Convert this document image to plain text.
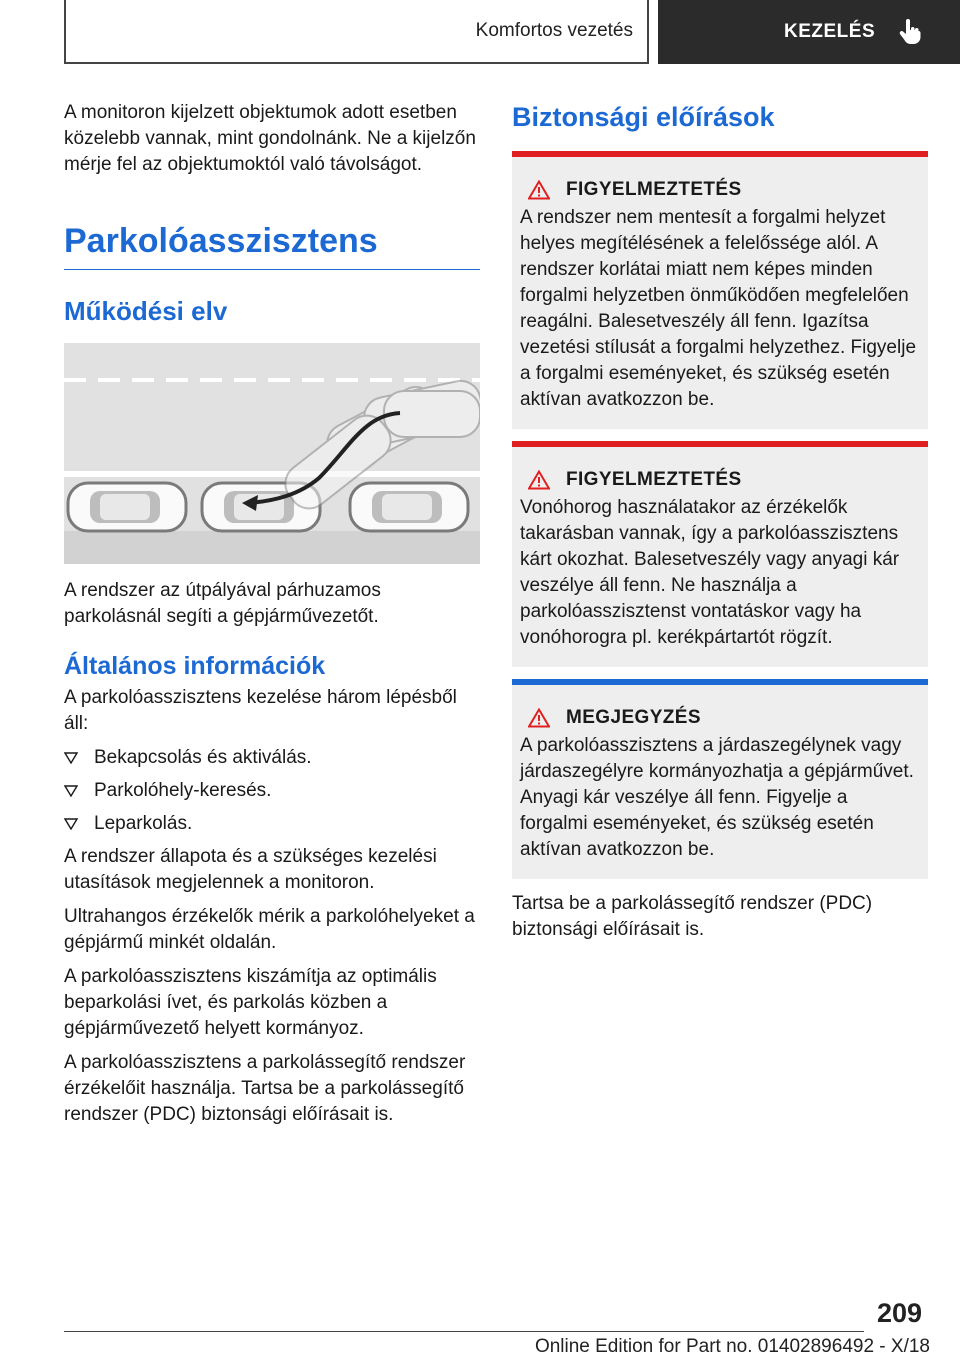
Komfortos vezetés	KEZELÉS

A monitoron kijelzett objektumok adott esetben közelebb vannak, mint gondolnánk. Ne a kijelzőn mérje fel az objektumoktól való távolságot.

Parkolóasszisztens
Működési elv

A rendszer az útpályával párhuzamos parkolásnál segíti a gépjárművezetőt.

Általános információk

A parkolóasszisztens kezelése három lépésből áll:

Bekapcsolás és aktiválás.
Parkolóhely-keresés.
Leparkolás.

A rendszer állapota és a szükséges kezelési utasítások megjelennek a monitoron.

Ultrahangos érzékelők mérik a parkolóhelyeket a gépjármű minkét oldalán.

A parkolóasszisztens kiszámítja az optimális beparkolási ívet, és parkolás közben a gépjárművezető helyett kormányoz.

A parkolóasszisztens a parkolássegítő rendszer érzékelőit használja. Tartsa be a parkolássegítő rendszer (PDC) biztonsági előírásait is.

Biztonsági előírások
FIGYELMEZTETÉS

A rendszer nem mentesít a forgalmi helyzet helyes megítélésének a felelőssége alól. A rendszer korlátai miatt nem képes minden forgalmi helyzetben önműködően megfelelően reagálni. Balesetveszély áll fenn. Igazítsa vezetési stílusát a forgalmi helyzethez. Figyelje a forgalmi eseményeket, és szükség esetén aktívan avatkozzon be.

FIGYELMEZTETÉS

Vonóhorog használatakor az érzékelők takarásban vannak, így a parkolóasszisztens kárt okozhat. Balesetveszély vagy anyagi kár veszélye áll fenn. Ne használja a parkolóasszisztenst vontatáskor vagy ha vonóhorogra pl. kerékpártartót rögzít.

MEGJEGYZÉS

A parkolóasszisztens a járdaszegélynek vagy járdaszegélyre kormányozhatja a gépjárművet. Anyagi kár veszélye áll fenn. Figyelje a forgalmi eseményeket, és szükség esetén aktívan avatkozzon be.

Tartsa be a parkolássegítő rendszer (PDC) biztonsági előírásait is.

209
Online Edition for Part no. 01402896492 - X/18
